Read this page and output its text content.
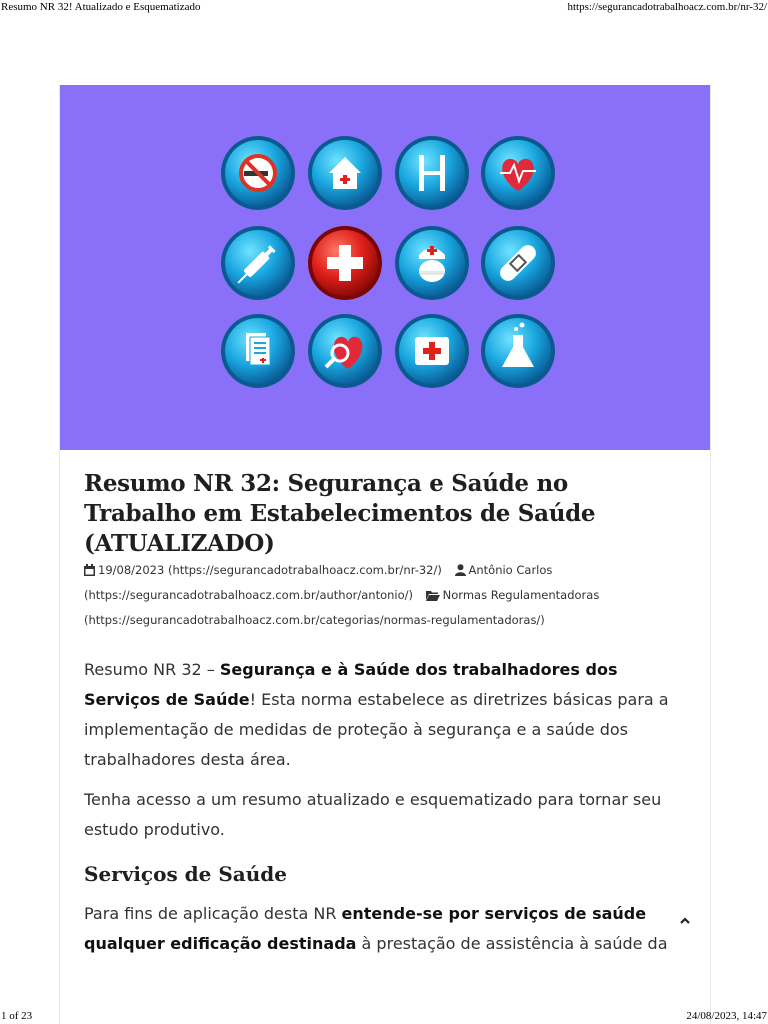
Resumo NR 32! Atualizado e Esquematizado	https://segurancadotrabalhoacz.com.br/nr-32/
Resumo NR 32: Segurança e Saúde no Trabalho em Estabelecimentos de Saúde (ATUALIZADO)
19/08/2023 (https://segurancadotrabalhoacz.com.br/nr-32/) Antônio Carlos (https://segurancadotrabalhoacz.com.br/author/antonio/)	Normas Regulamentadoras (https://segurancadotrabalhoacz.com.br/categorias/normas-regulamentadoras/)

Resumo NR 32 – Segurança e à Saúde dos trabalhadores dos Serviços de Saúde! Esta norma estabelece as diretrizes básicas para a implementação de medidas de proteção à segurança e a saúde dos trabalhadores desta área.

Tenha acesso a um resumo atualizado e esquematizado para tornar seu estudo produtivo.

Serviços de Saúde

Para fins de aplicação desta NR entende-se por serviços de saúde qualquer edificação destinada à prestação de assistência à saúde da

1 of 23	24/08/2023, 14:47
